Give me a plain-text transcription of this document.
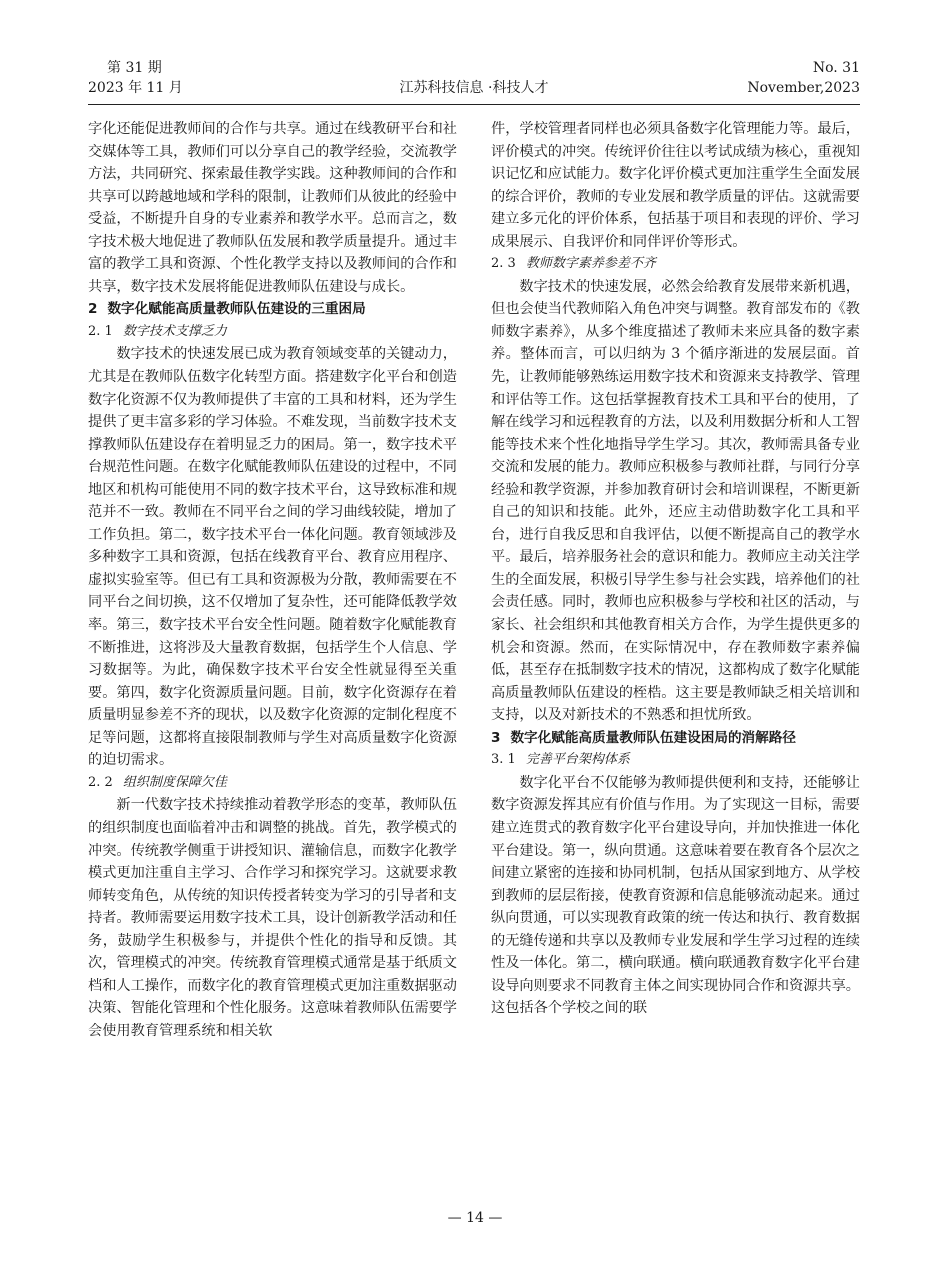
第 31 期
2023 年 11 月	江苏科技信息 ·科技人才
No. 31
November,2023

字化还能促进教师间的合作与共享。通过在线教研平台和社交媒体等工具，教师们可以分享自己的教学经验，交流教学方法，共同研究、探索最佳教学实践。这种教师间的合作和共享可以跨越地域和学科的限制，让教师们从彼此的经验中受益，不断提升自身的专业素养和教学水平。总而言之，数字技术极大地促进了教师队伍发展和教学质量提升。通过丰富的教学工具和资源、个性化教学支持以及教师间的合作和共享，数字技术发展将能促进教师队伍建设与成长。

2 数字化赋能高质量教师队伍建设的三重困局

2. 1 数字技术支撑乏力

数字技术的快速发展已成为教育领域变革的关键动力，尤其是在教师队伍数字化转型方面。搭建数字化平台和创造数字化资源不仅为教师提供了丰富的工具和材料，还为学生提供了更丰富多彩的学习体验。不难发现，当前数字技术支撑教师队伍建设存在着明显乏力的困局。第一，数字技术平台规范性问题。在数字化赋能教师队伍建设的过程中，不同地区和机构可能使用不同的数字技术平台，这导致标准和规范并不一致。教师在不同平台之间的学习曲线较陡，增加了工作负担。第二，数字技术平台一体化问题。教育领域涉及多种数字工具和资源，包括在线教育平台、教育应用程序、虚拟实验室等。但已有工具和资源极为分散，教师需要在不同平台之间切换，这不仅增加了复杂性，还可能降低教学效率。第三，数字技术平台安全性问题。随着数字化赋能教育不断推进，这将涉及大量教育数据，包括学生个人信息、学习数据等。为此，确保数字技术平台安全性就显得至关重要。第四，数字化资源质量问题。目前，数字化资源存在着质量明显参差不齐的现状，以及数字化资源的定制化程度不足等问题，这都将直接限制教师与学生对高质量数字化资源的迫切需求。

2. 2 组织制度保障欠佳

新一代数字技术持续推动着教学形态的变革，教师队伍的组织制度也面临着冲击和调整的挑战。首先，教学模式的冲突。传统教学侧重于讲授知识、灌输信息，而数字化教学模式更加注重自主学习、合作学习和探究学习。这就要求教师转变角色，从传统的知识传授者转变为学习的引导者和支持者。教师需要运用数字技术工具，设计创新教学活动和任务，鼓励学生积极参与，并提供个性化的指导和反馈。其次，管理模式的冲突。传统教育管理模式通常是基于纸质文档和人工操作，而数字化的教育管理模式更加注重数据驱动决策、智能化管理和个性化服务。这意味着教师队伍需要学会使用教育管理系统和相关软

件，学校管理者同样也必须具备数字化管理能力等。最后，评价模式的冲突。传统评价往往以考试成绩为核心，重视知识记忆和应试能力。数字化评价模式更加注重学生全面发展的综合评价，教师的专业发展和教学质量的评估。这就需要建立多元化的评价体系，包括基于项目和表现的评价、学习成果展示、自我评价和同伴评价等形式。

2. 3 教师数字素养参差不齐

数字技术的快速发展，必然会给教育发展带来新机遇，但也会使当代教师陷入角色冲突与调整。教育部发布的《教师数字素养》，从多个维度描述了教师未来应具备的数字素养。整体而言，可以归纳为 3 个循序渐进的发展层面。首先，让教师能够熟练运用数字技术和资源来支持教学、管理和评估等工作。这包括掌握教育技术工具和平台的使用，了解在线学习和远程教育的方法，以及利用数据分析和人工智能等技术来个性化地指导学生学习。其次，教师需具备专业交流和发展的能力。教师应积极参与教师社群，与同行分享经验和教学资源，并参加教育研讨会和培训课程，不断更新自己的知识和技能。此外，还应主动借助数字化工具和平台，进行自我反思和自我评估，以便不断提高自己的教学水平。最后，培养服务社会的意识和能力。教师应主动关注学生的全面发展，积极引导学生参与社会实践，培养他们的社会责任感。同时，教师也应积极参与学校和社区的活动，与家长、社会组织和其他教育相关方合作，为学生提供更多的机会和资源。然而，在实际情况中，存在教师数字素养偏低，甚至存在抵制数字技术的情况，这都构成了数字化赋能高质量教师队伍建设的桎梏。这主要是教师缺乏相关培训和支持，以及对新技术的不熟悉和担忧所致。

3 数字化赋能高质量教师队伍建设困局的消解路径

3. 1 完善平台架构体系

数字化平台不仅能够为教师提供便利和支持，还能够让数字资源发挥其应有价值与作用。为了实现这一目标，需要建立连贯式的教育数字化平台建设导向，并加快推进一体化平台建设。第一，纵向贯通。这意味着要在教育各个层次之间建立紧密的连接和协同机制，包括从国家到地方、从学校到教师的层层衔接，使教育资源和信息能够流动起来。通过纵向贯通，可以实现教育政策的统一传达和执行、教育数据的无缝传递和共享以及教师专业发展和学生学习过程的连续性及一体化。第二，横向联通。横向联通教育数字化平台建设导向则要求不同教育主体之间实现协同合作和资源共享。这包括各个学校之间的联

— 14 —
